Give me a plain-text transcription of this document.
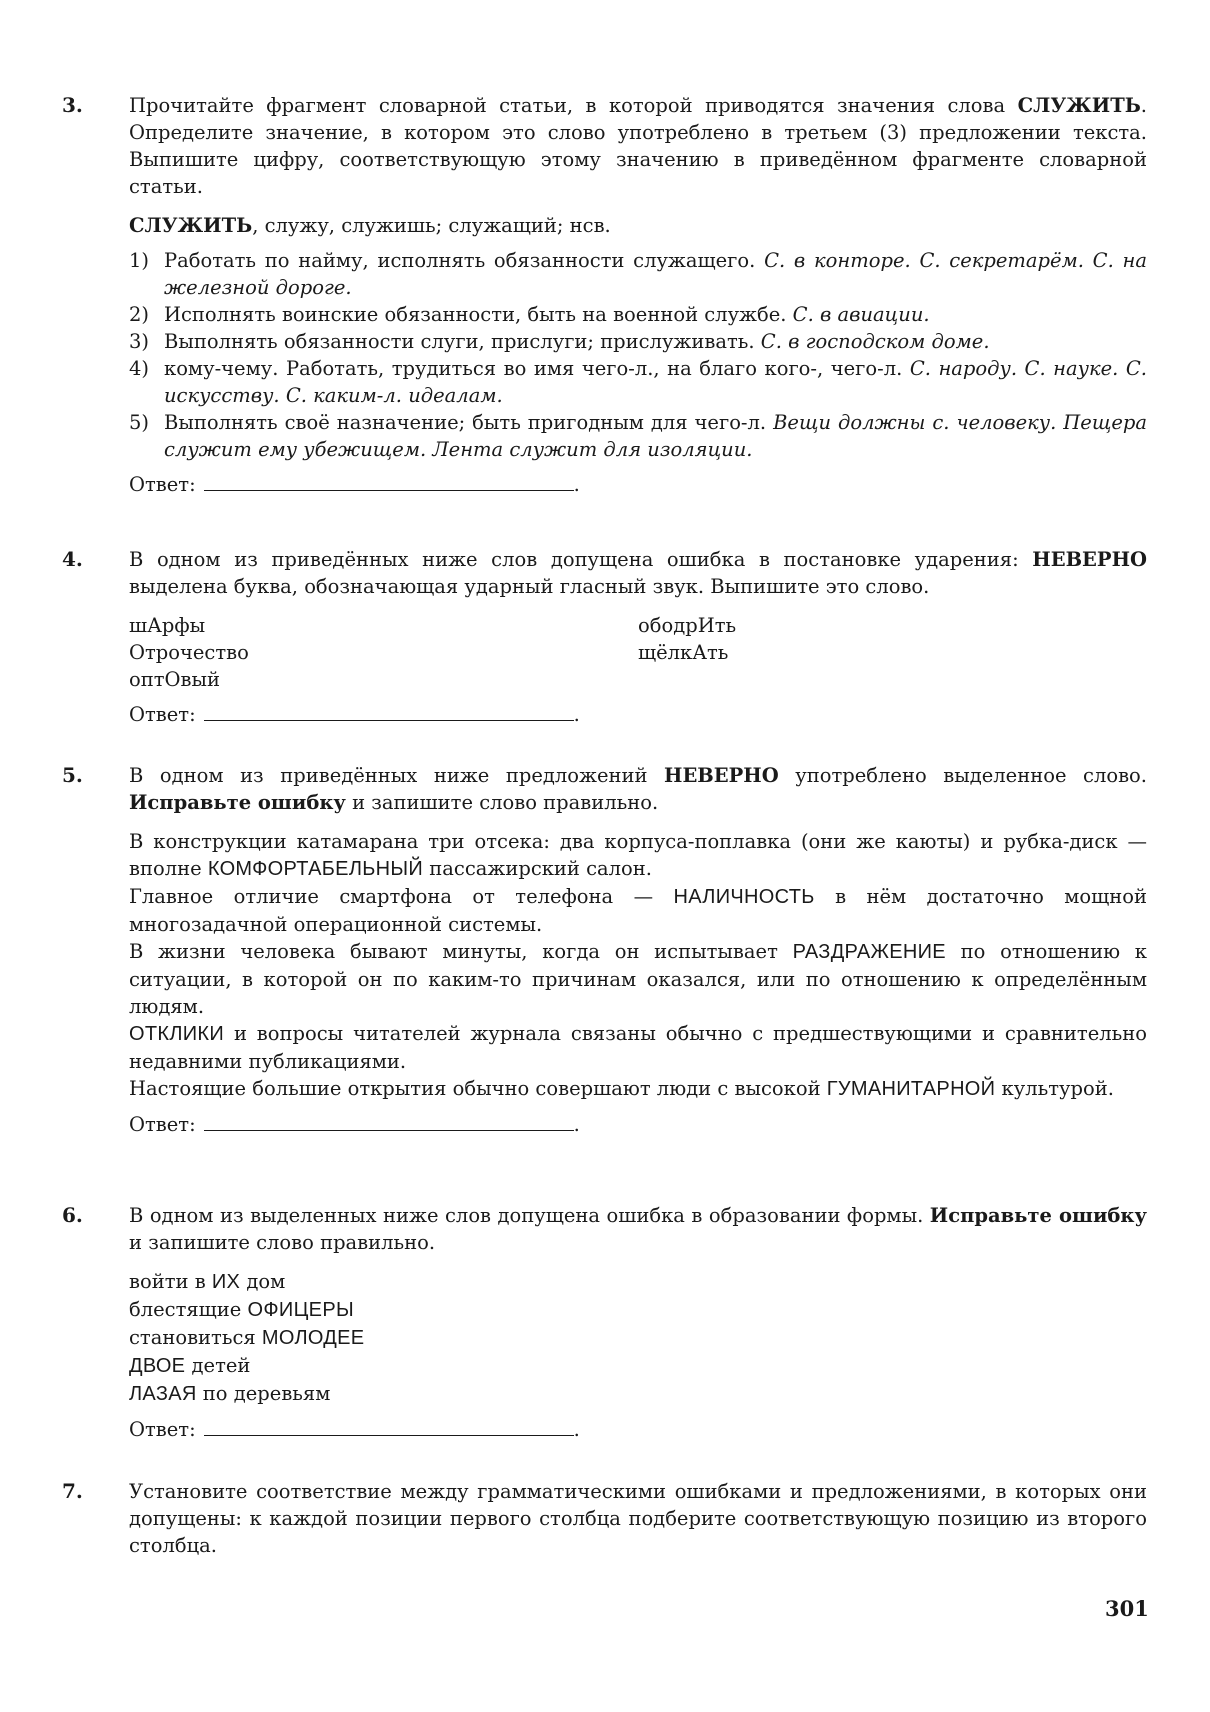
3. Прочитайте фрагмент словарной статьи, в которой приводятся значения слова СЛУЖИТЬ. Определите значение, в котором это слово употреблено в третьем (3) предложении текста. Выпишите цифру, соответствующую этому значению в приведённом фрагменте словарной статьи.

СЛУЖИТЬ, служу, служишь; служащий; нсв.

1) Работать по найму, исполнять обязанности служащего. С. в конторе. С. секретарём. С. на железной дороге.
2) Исполнять воинские обязанности, быть на военной службе. С. в авиации.
3) Выполнять обязанности слуги, прислуги; прислуживать. С. в господском доме.
4) кому-чему. Работать, трудиться во имя чего-л., на благо кого-, чего-л. С. народу. С. науке. С. искусству. С. каким-л. идеалам.
5) Выполнять своё назначение; быть пригодным для чего-л. Вещи должны с. человеку. Пещера служит ему убежищем. Лента служит для изоляции.
Ответ:	.
4. В одном из приведённых ниже слов допущена ошибка в постановке ударения: НЕВЕРНО выделена буква, обозначающая ударный гласный звук. Выпишите это слово.

шАрфы
Отрочество
оптОвый
ободрИть
щёлкАть
Ответ:	.
5. В одном из приведённых ниже предложений НЕВЕРНО употреблено выделенное слово. Исправьте ошибку и запишите слово правильно.

В конструкции катамарана три отсека: два корпуса-поплавка (они же каюты) и рубка-диск — вполне КОМФОРТАБЕЛЬНЫЙ пассажирский салон.

Главное отличие смартфона от телефона — НАЛИЧНОСТЬ в нём достаточно мощной многозадачной операционной системы.

В жизни человека бывают минуты, когда он испытывает РАЗДРАЖЕНИЕ по отношению к ситуации, в которой он по каким-то причинам оказался, или по отношению к определённым людям.

ОТКЛИКИ и вопросы читателей журнала связаны обычно с предшествующими и сравнительно недавними публикациями.

Настоящие большие открытия обычно совершают люди с высокой ГУМАНИТАРНОЙ культурой.

Ответ:	.
6. В одном из выделенных ниже слов допущена ошибка в образовании формы. Исправьте ошибку и запишите слово правильно.

войти в ИХ дом
блестящие ОФИЦЕРЫ
становиться МОЛОДЕЕ
ДВОЕ детей
ЛАЗАЯ по деревьям
Ответ:	.
7. Установите соответствие между грамматическими ошибками и предложениями, в которых они допущены: к каждой позиции первого столбца подберите соответствующую позицию из второго столбца.

301
